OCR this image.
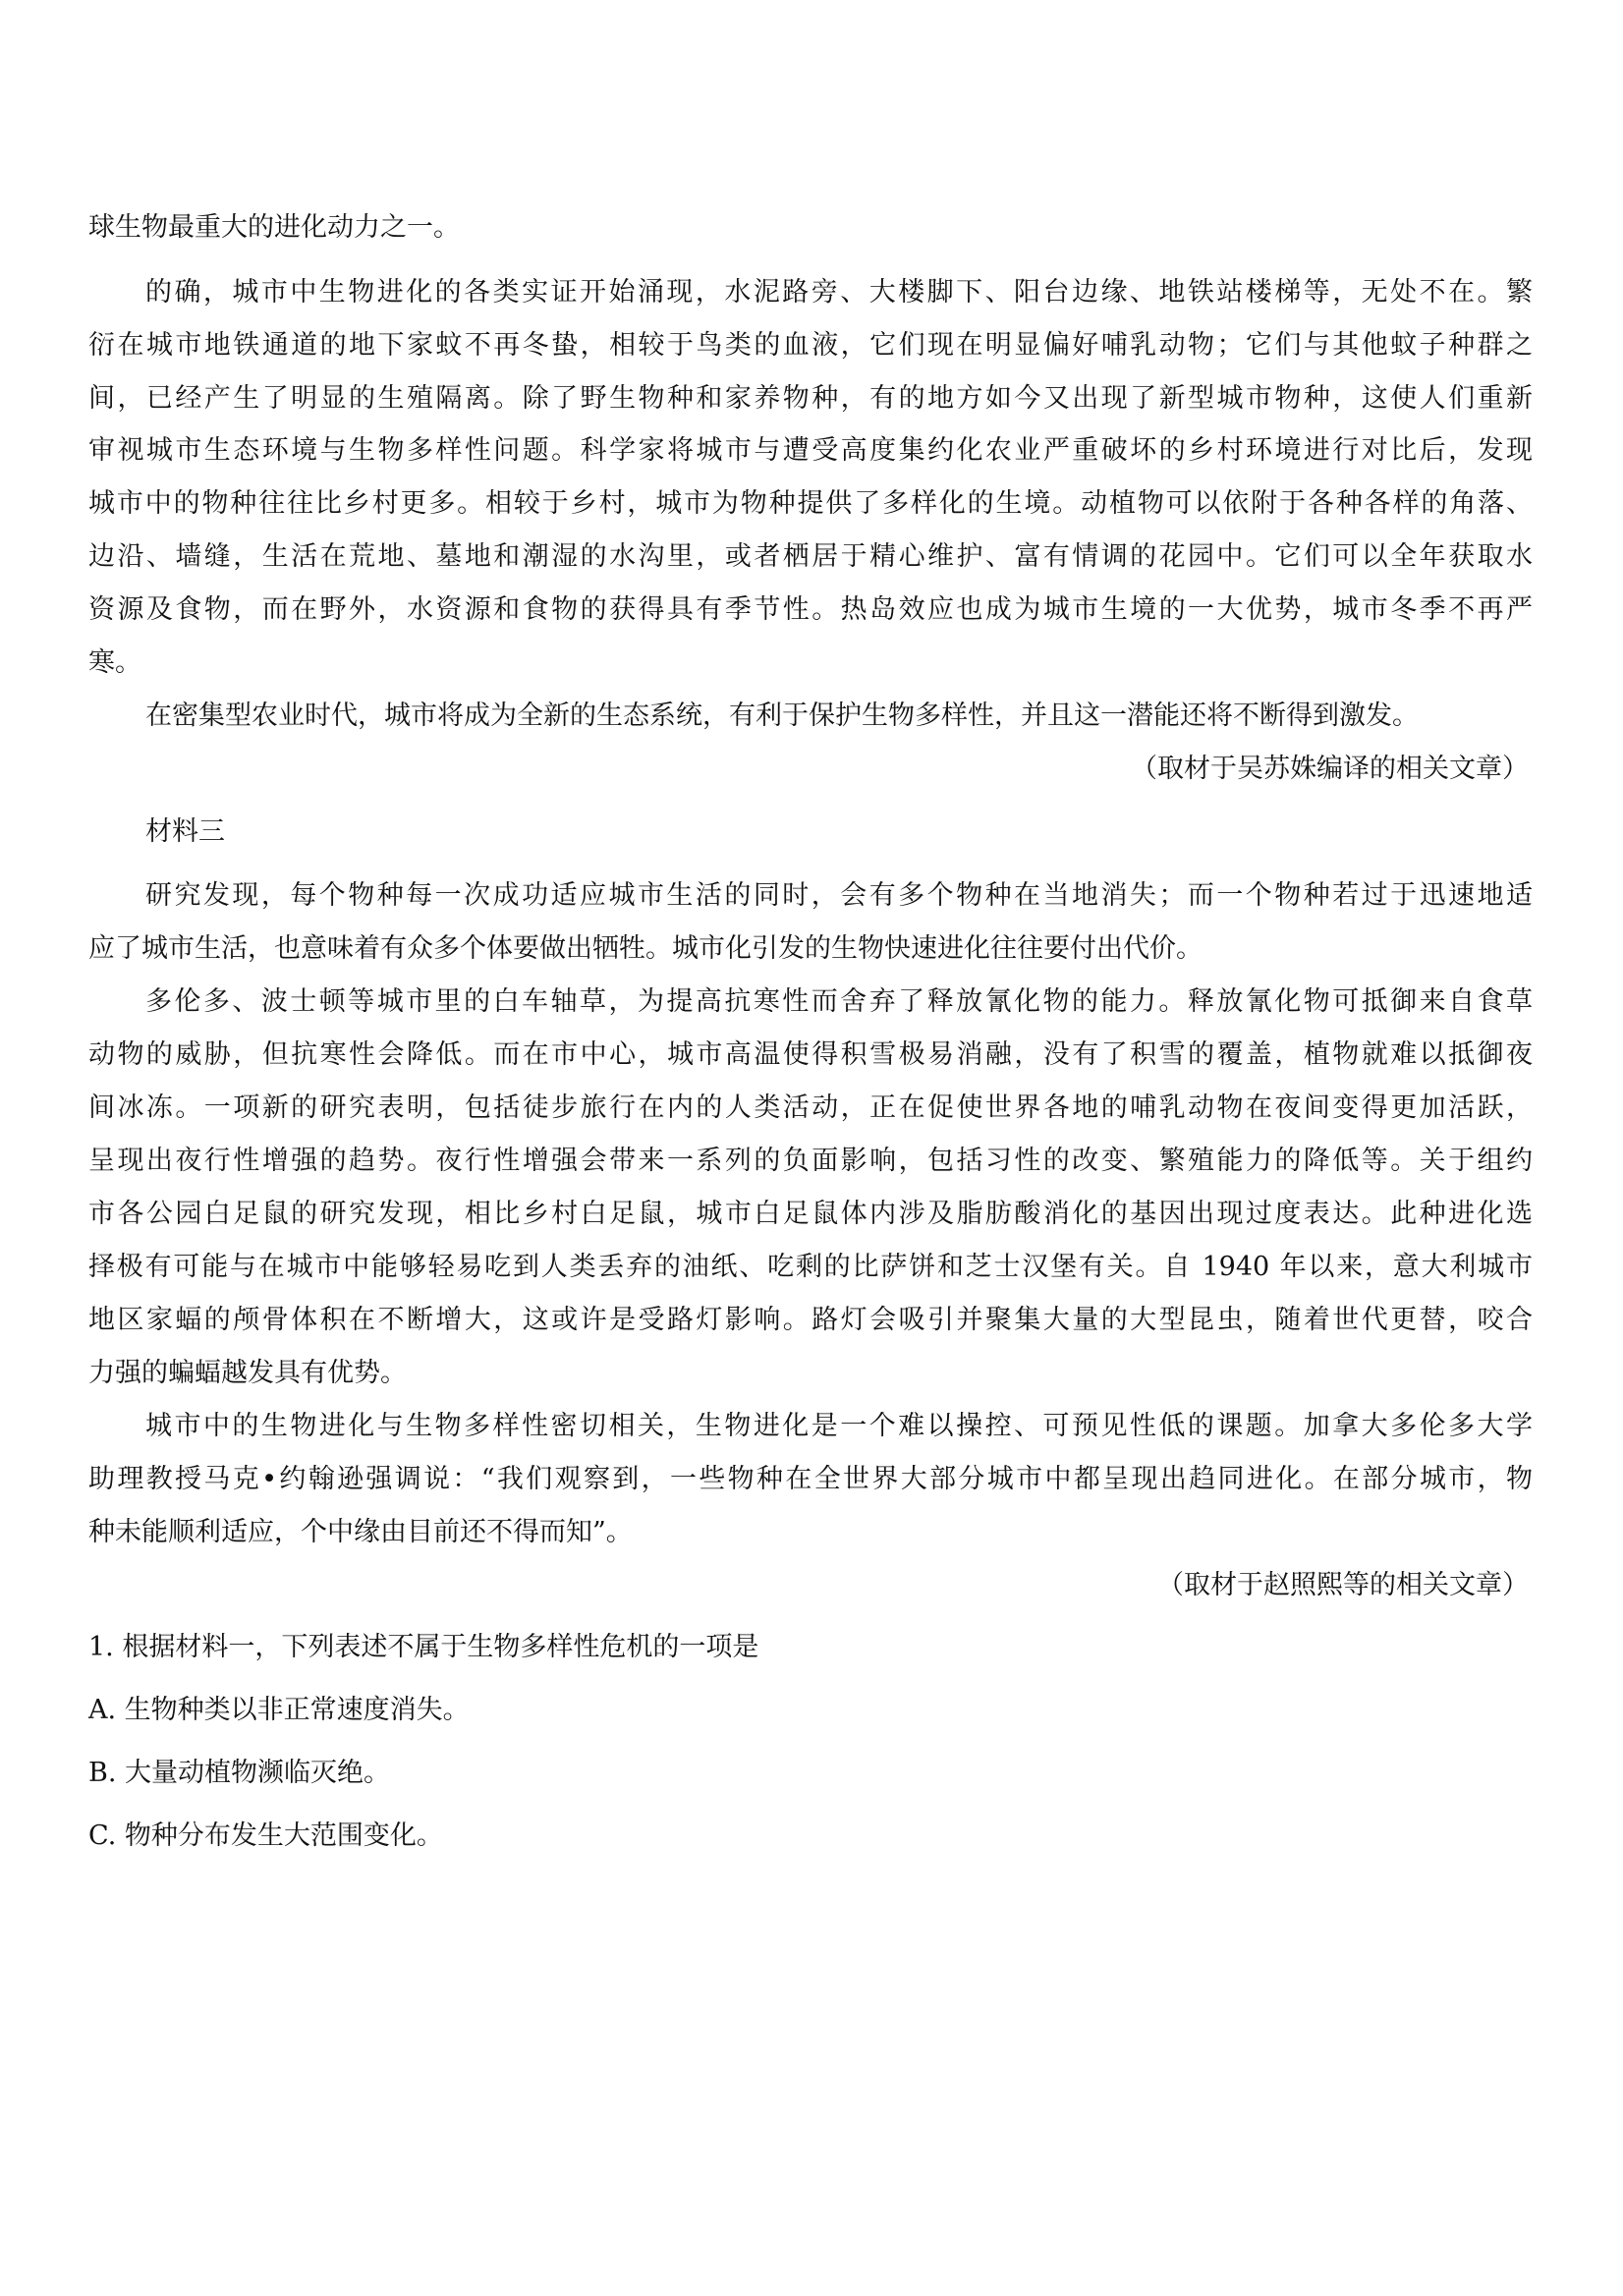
球生物最重大的进化动力之一。
的确，城市中生物进化的各类实证开始涌现，水泥路旁、大楼脚下、阳台边缘、地铁站楼梯等，无处不在。繁
衍在城市地铁通道的地下家蚊不再冬蛰，相较于鸟类的血液，它们现在明显偏好哺乳动物；它们与其他蚊子种群之
间，已经产生了明显的生殖隔离。除了野生物种和家养物种，有的地方如今又出现了新型城市物种，这使人们重新
审视城市生态环境与生物多样性问题。科学家将城市与遭受高度集约化农业严重破坏的乡村环境进行对比后，发现
城市中的物种往往比乡村更多。相较于乡村，城市为物种提供了多样化的生境。动植物可以依附于各种各样的角落、
边沿、墙缝，生活在荒地、墓地和潮湿的水沟里，或者栖居于精心维护、富有情调的花园中。它们可以全年获取水
资源及食物，而在野外，水资源和食物的获得具有季节性。热岛效应也成为城市生境的一大优势，城市冬季不再严
寒。
在密集型农业时代，城市将成为全新的生态系统，有利于保护生物多样性，并且这一潜能还将不断得到激发。
（取材于吴苏姝编译的相关文章）
材料三
研究发现，每个物种每一次成功适应城市生活的同时，会有多个物种在当地消失；而一个物种若过于迅速地适
应了城市生活，也意味着有众多个体要做出牺牲。城市化引发的生物快速进化往往要付出代价。
多伦多、波士顿等城市里的白车轴草，为提高抗寒性而舍弃了释放氰化物的能力。释放氰化物可抵御来自食草
动物的威胁，但抗寒性会降低。而在市中心，城市高温使得积雪极易消融，没有了积雪的覆盖，植物就难以抵御夜
间冰冻。一项新的研究表明，包括徒步旅行在内的人类活动，正在促使世界各地的哺乳动物在夜间变得更加活跃，
呈现出夜行性增强的趋势。夜行性增强会带来一系列的负面影响，包括习性的改变、繁殖能力的降低等。关于组约
市各公园白足鼠的研究发现，相比乡村白足鼠，城市白足鼠体内涉及脂肪酸消化的基因出现过度表达。此种进化选
择极有可能与在城市中能够轻易吃到人类丢弃的油纸、吃剩的比萨饼和芝士汉堡有关。自 1940 年以来，意大利城市
地区家蝠的颅骨体积在不断增大，这或许是受路灯影响。路灯会吸引并聚集大量的大型昆虫，随着世代更替，咬合
力强的蝙蝠越发具有优势。
城市中的生物进化与生物多样性密切相关，生物进化是一个难以操控、可预见性低的课题。加拿大多伦多大学
助理教授马克•约翰逊强调说：“我们观察到，一些物种在全世界大部分城市中都呈现出趋同进化。在部分城市，物
种未能顺利适应，个中缘由目前还不得而知”。
（取材于赵照熙等的相关文章）
1. 根据材料一，下列表述不属于生物多样性危机的一项是
A. 生物种类以非正常速度消失。
B. 大量动植物濒临灭绝。
C. 物种分布发生大范围变化。
